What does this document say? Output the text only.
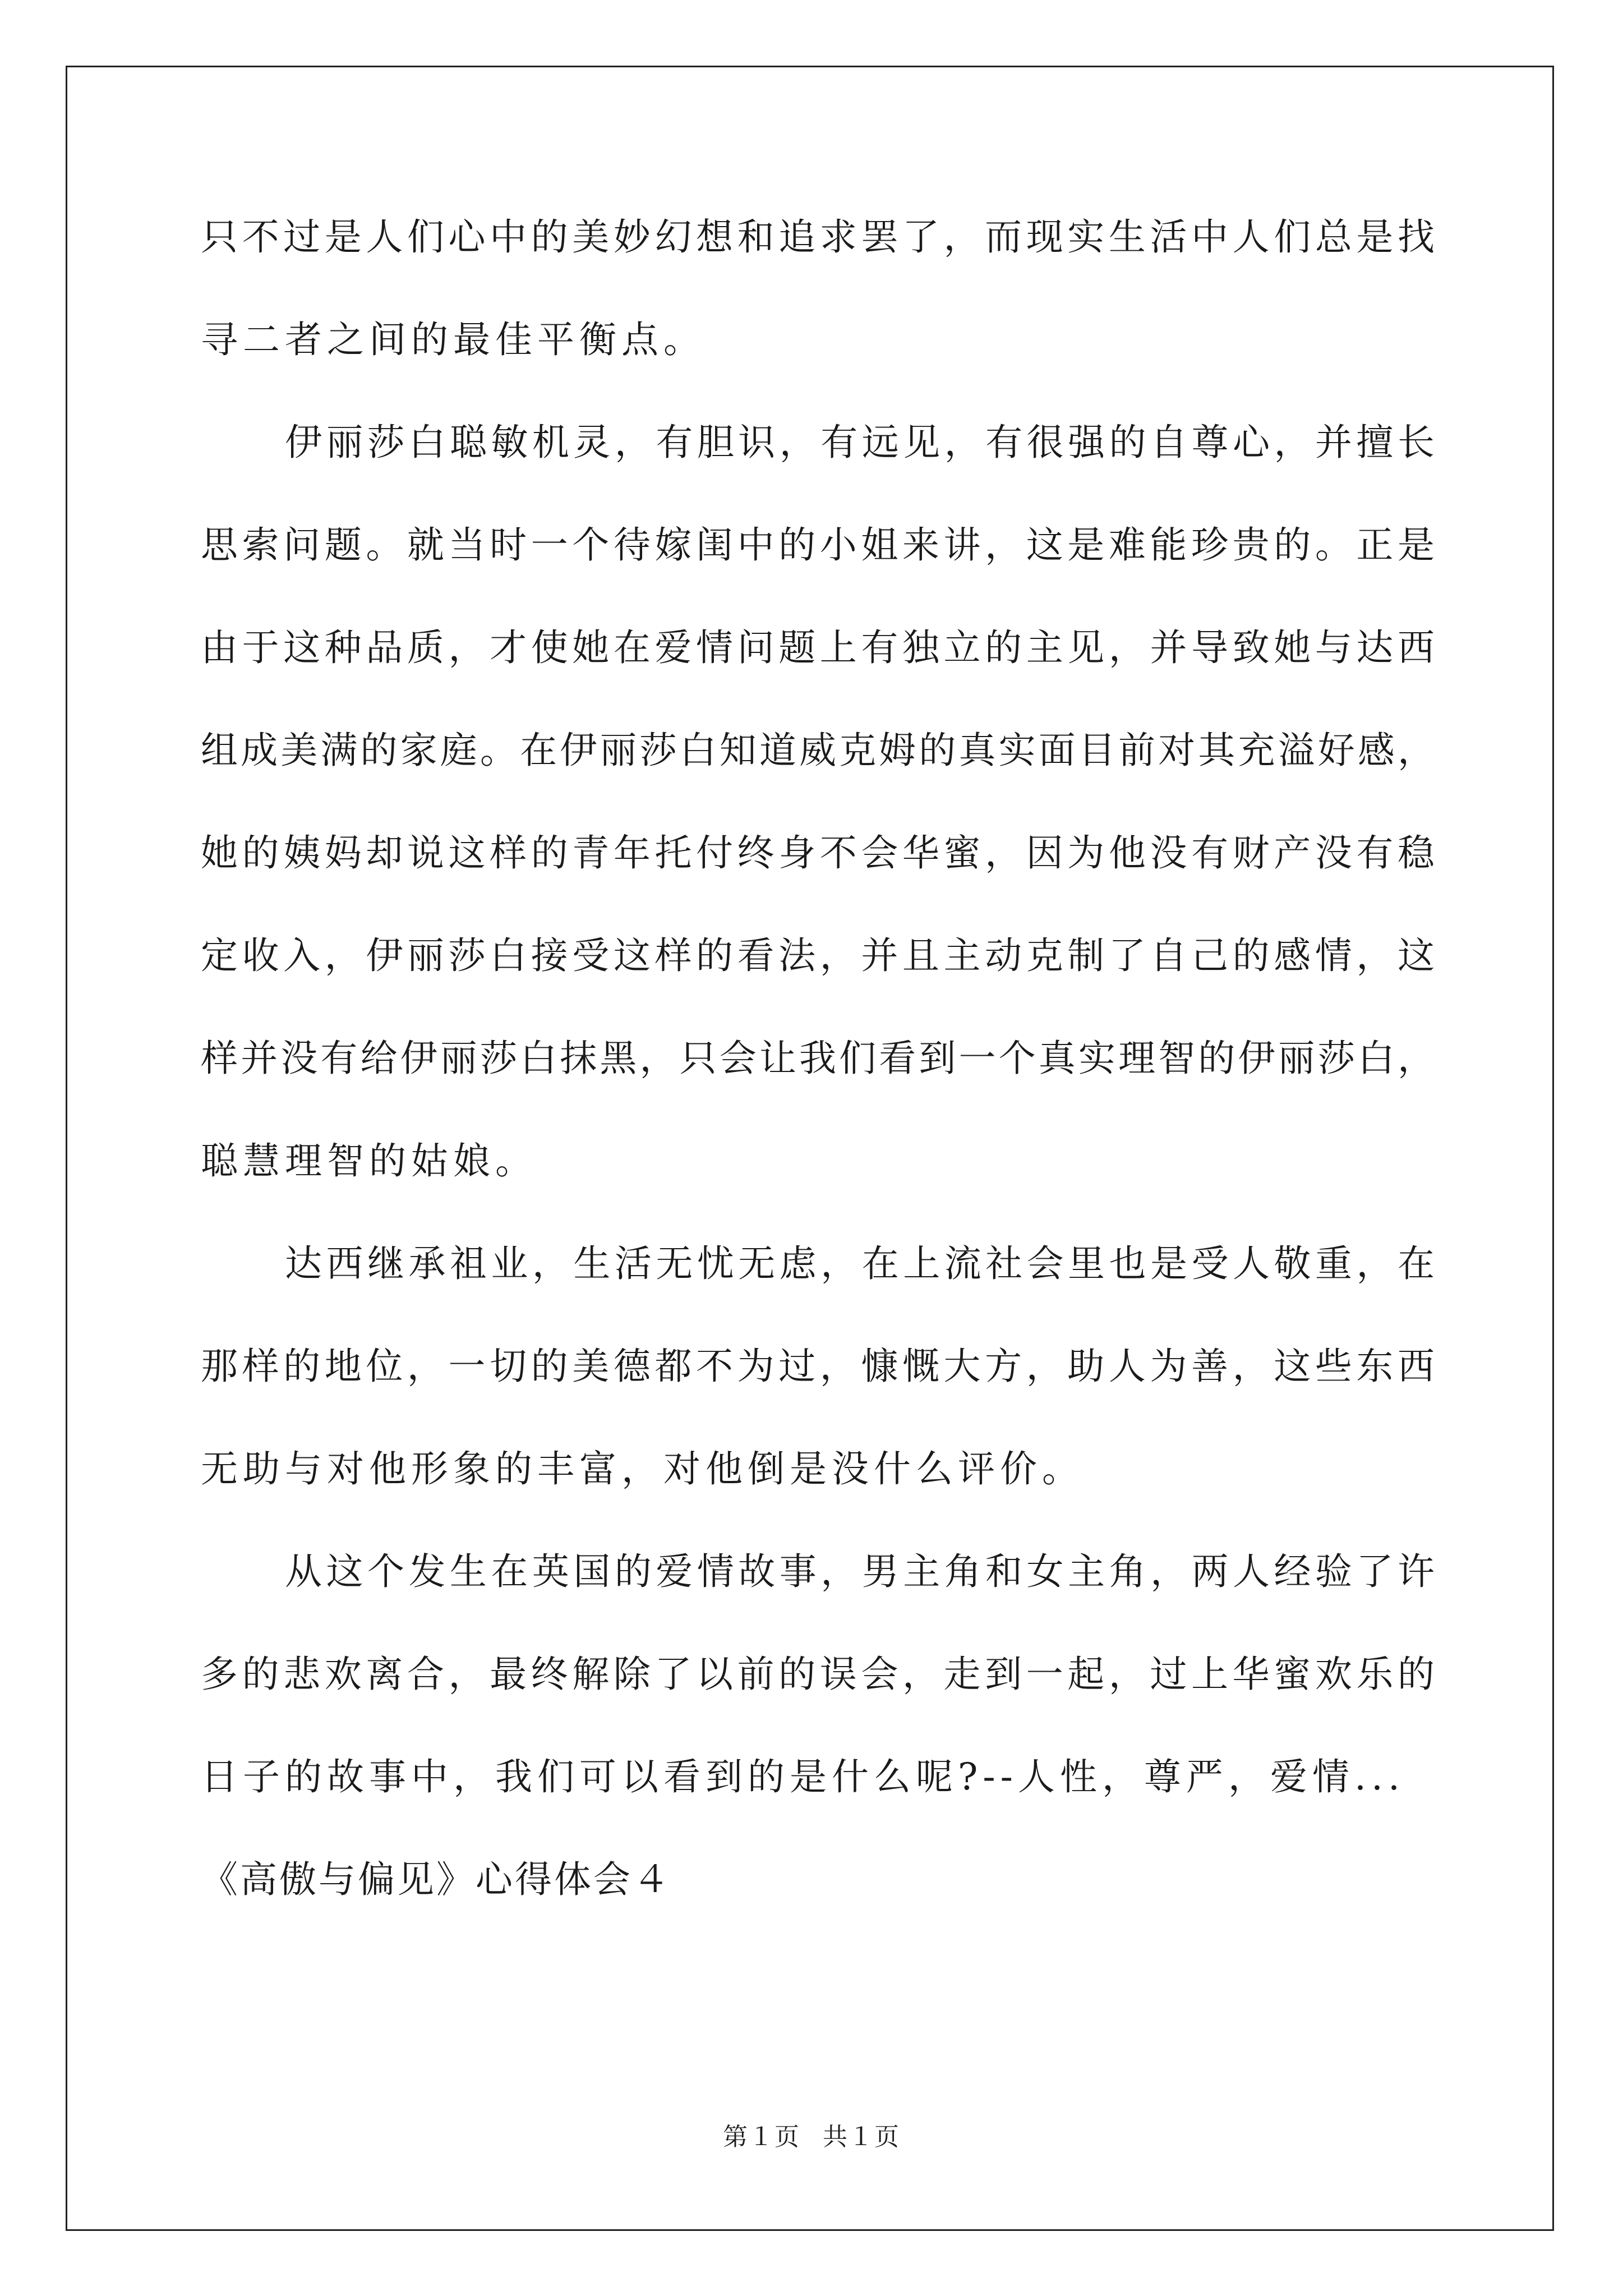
只不过是人们心中的美妙幻想和追求罢了，而现实生活中人们总是找
寻二者之间的最佳平衡点。
伊丽莎白聪敏机灵，有胆识，有远见，有很强的自尊心，并擅长
思索问题。就当时一个待嫁闺中的小姐来讲，这是难能珍贵的。正是
由于这种品质，才使她在爱情问题上有独立的主见，并导致她与达西
组成美满的家庭。在伊丽莎白知道威克姆的真实面目前对其充溢好感，
她的姨妈却说这样的青年托付终身不会华蜜，因为他没有财产没有稳
定收入，伊丽莎白接受这样的看法，并且主动克制了自己的感情，这
样并没有给伊丽莎白抹黑，只会让我们看到一个真实理智的伊丽莎白，
聪慧理智的姑娘。
达西继承祖业，生活无忧无虑，在上流社会里也是受人敬重，在
那样的地位，一切的美德都不为过，慷慨大方，助人为善，这些东西
无助与对他形象的丰富，对他倒是没什么评价。
从这个发生在英国的爱情故事，男主角和女主角，两人经验了许
多的悲欢离合，最终解除了以前的误会，走到一起，过上华蜜欢乐的
日子的故事中，我们可以看到的是什么呢?--人性，尊严，爱情...
《高傲与偏见》心得体会４
第１页 共１页
